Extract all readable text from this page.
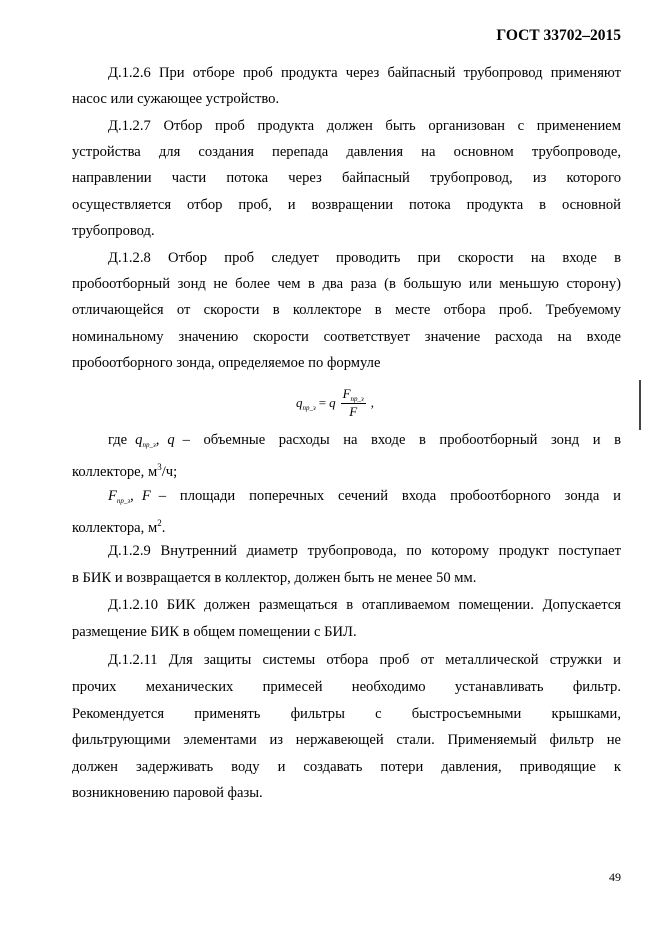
ГОСТ 33702–2015
Д.1.2.6 При отборе проб продукта через байпасный трубопровод применяют
насос или сужающее устройство.
Д.1.2.7 Отбор проб продукта должен быть организован с применением
устройства для создания перепада давления на основном трубопроводе,
направлении части потока через байпасный трубопровод, из которого
осуществляется отбор проб, и возвращении потока продукта в основной
трубопровод.
Д.1.2.8 Отбор проб следует проводить при скорости на входе в
пробоотборный зонд не более чем в два раза (в большую или меньшую сторону)
отличающейся от скорости в коллекторе в месте отбора проб. Требуемому
номинальному значению скорости соответствует значение расхода на входе
пробоотборного зонда, определяемое по формуле
$q_{пр\_з} = q \frac{F_{пр\_з}}{F}$ ,
где $q_{пр\_з}$, q – объемные расходы на входе в пробоотборный зонд и в
коллекторе, $м^3/ч$;
$F_{пр\_з}$, F – площади поперечных сечений входа пробоотборного зонда и
коллектора, $м^2$.
Д.1.2.9 Внутренний диаметр трубопровода, по которому продукт поступает
в БИК и возвращается в коллектор, должен быть не менее 50 мм.
Д.1.2.10 БИК должен размещаться в отапливаемом помещении. Допускается
размещение БИК в общем помещении с БИЛ.
Д.1.2.11 Для защиты системы отбора проб от металлической стружки и
прочих механических примесей необходимо устанавливать фильтр.
Рекомендуется применять фильтры с быстросъемными крышками,
фильтрующими элементами из нержавеющей стали. Применяемый фильтр не
должен задерживать воду и создавать потери давления, приводящие к
возникновению паровой фазы.
49
